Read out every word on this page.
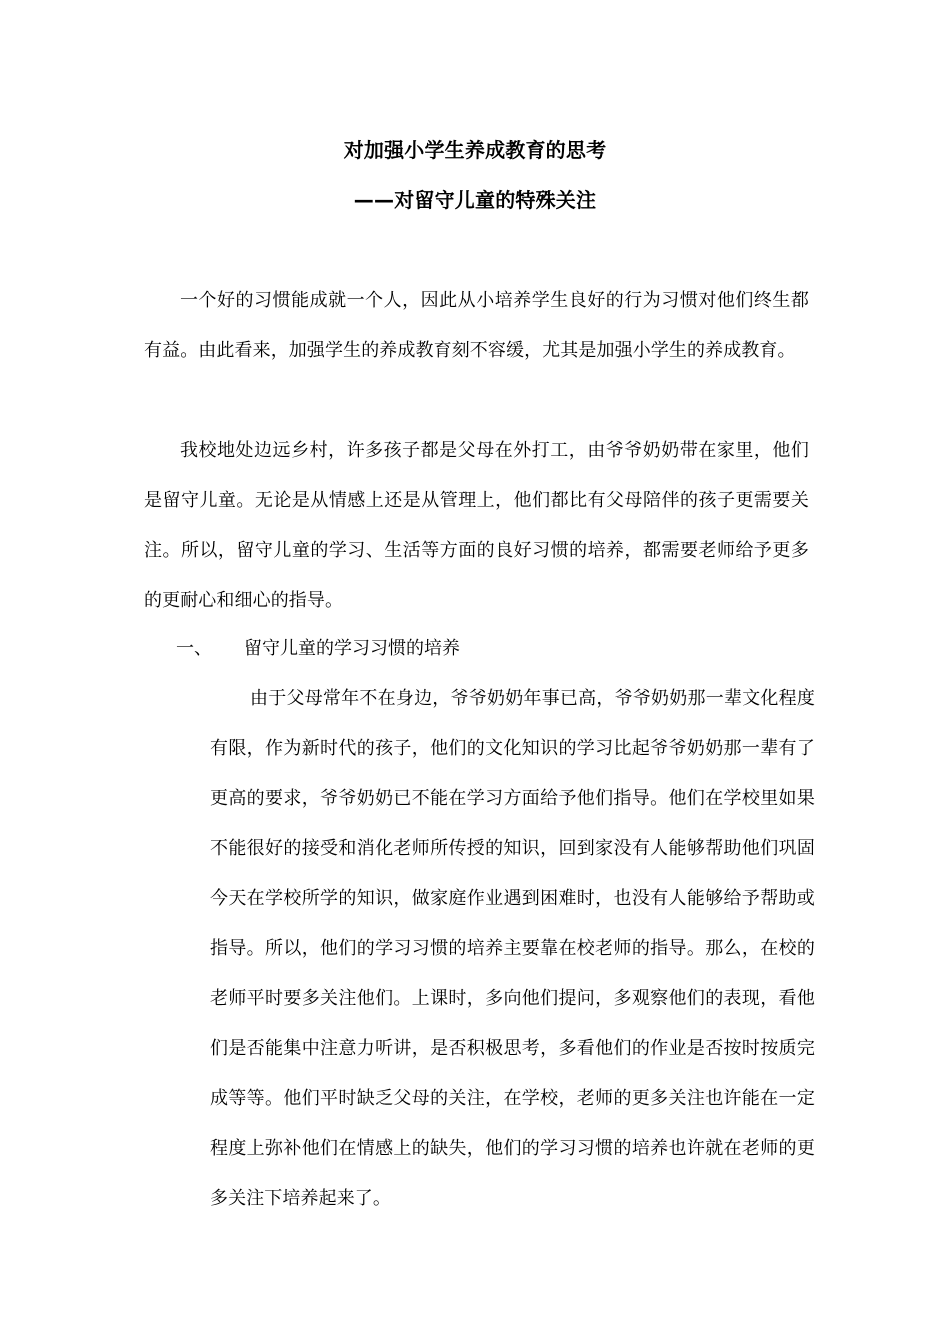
对加强小学生养成教育的思考
——对留守儿童的特殊关注

一个好的习惯能成就一个人，因此从小培养学生良好的行为习惯对他们终生都有益。由此看来，加强学生的养成教育刻不容缓，尤其是加强小学生的养成教育。

我校地处边远乡村，许多孩子都是父母在外打工，由爷爷奶奶带在家里，他们是留守儿童。无论是从情感上还是从管理上，他们都比有父母陪伴的孩子更需要关注。所以，留守儿童的学习、生活等方面的良好习惯的培养，都需要老师给予更多的更耐心和细心的指导。

一、	留守儿童的学习习惯的培养

由于父母常年不在身边，爷爷奶奶年事已高，爷爷奶奶那一辈文化程度有限，作为新时代的孩子，他们的文化知识的学习比起爷爷奶奶那一辈有了更高的要求，爷爷奶奶已不能在学习方面给予他们指导。他们在学校里如果不能很好的接受和消化老师所传授的知识，回到家没有人能够帮助他们巩固今天在学校所学的知识，做家庭作业遇到困难时，也没有人能够给予帮助或指导。所以，他们的学习习惯的培养主要靠在校老师的指导。那么，在校的老师平时要多关注他们。上课时，多向他们提问，多观察他们的表现，看他们是否能集中注意力听讲，是否积极思考，多看他们的作业是否按时按质完成等等。他们平时缺乏父母的关注，在学校，老师的更多关注也许能在一定程度上弥补他们在情感上的缺失，他们的学习习惯的培养也许就在老师的更多关注下培养起来了。
